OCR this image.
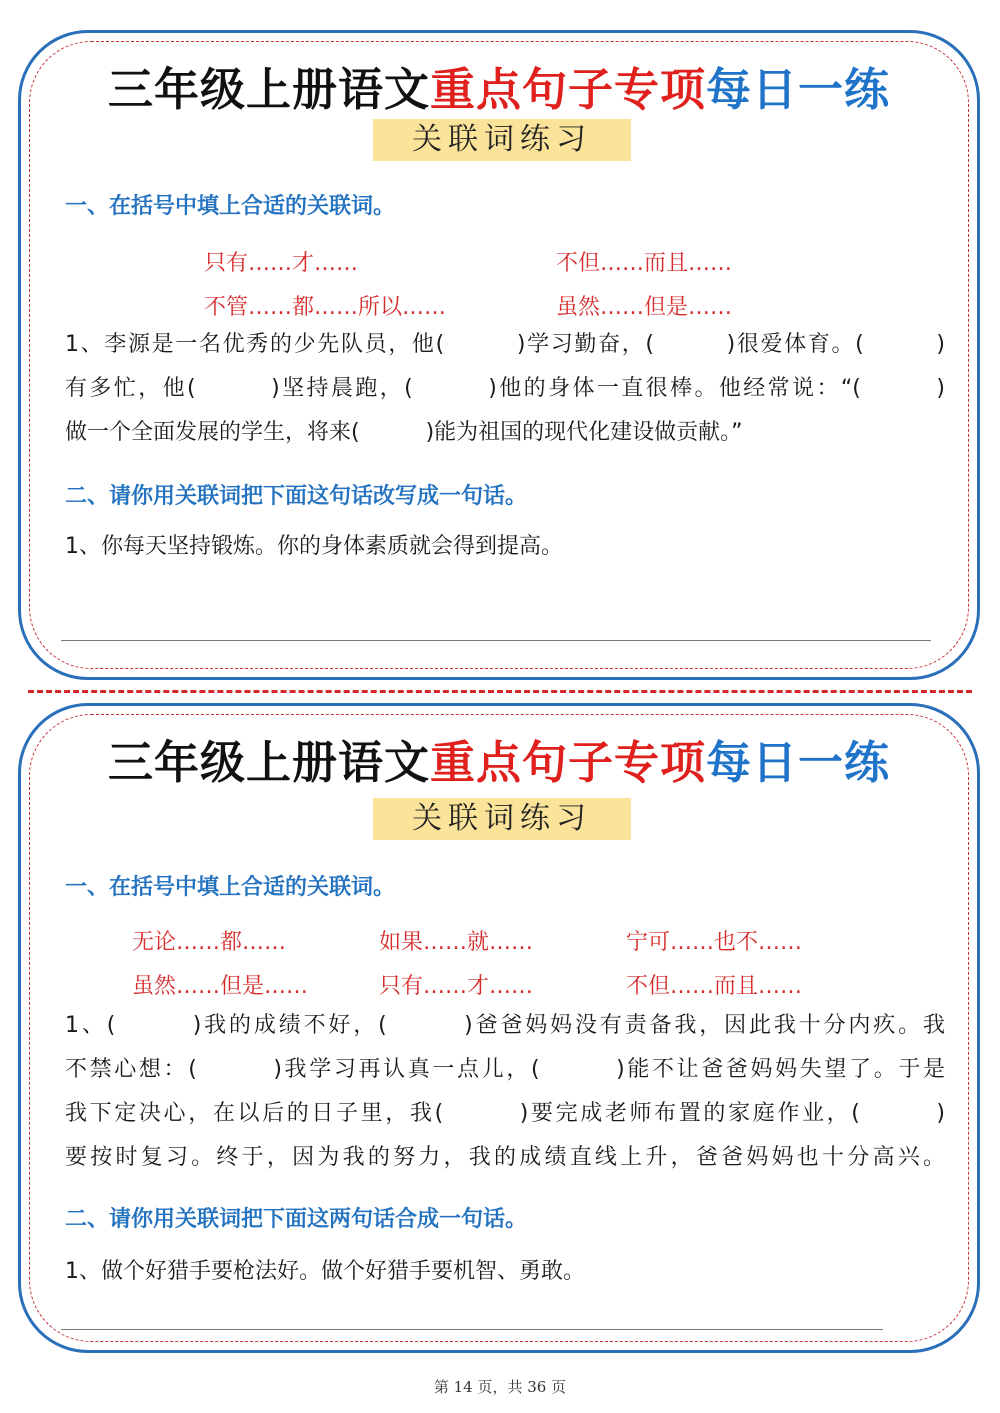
三年级上册语文重点句子专项每日一练
关联词练习
一、在括号中填上合适的关联词。
只有……才……	不但……而且……
不管……都……所以……	虽然……但是……
1、李源是一名优秀的少先队员，他(　　　)学习勤奋，(　　　)很爱体育。(　　　)
有多忙，他(　　　)坚持晨跑，(　　　)他的身体一直很棒。他经常说：“(　　　)
做一个全面发展的学生，将来(　　　)能为祖国的现代化建设做贡献。”
二、请你用关联词把下面这句话改写成一句话。
1、你每天坚持锻炼。你的身体素质就会得到提高。
三年级上册语文重点句子专项每日一练
关联词练习
一、在括号中填上合适的关联词。
无论……都……	如果……就……	宁可……也不……
虽然……但是……	只有……才……	不但……而且……
1、(　　　)我的成绩不好，(　　　)爸爸妈妈没有责备我，因此我十分内疚。我
不禁心想：(　　　)我学习再认真一点儿，(　　　)能不让爸爸妈妈失望了。于是
我下定决心，在以后的日子里，我(　　　)要完成老师布置的家庭作业，(　　　)
要按时复习。终于，因为我的努力，我的成绩直线上升，爸爸妈妈也十分高兴。
二、请你用关联词把下面这两句话合成一句话。
1、做个好猎手要枪法好。做个好猎手要机智、勇敢。
第 14 页，共 36 页
